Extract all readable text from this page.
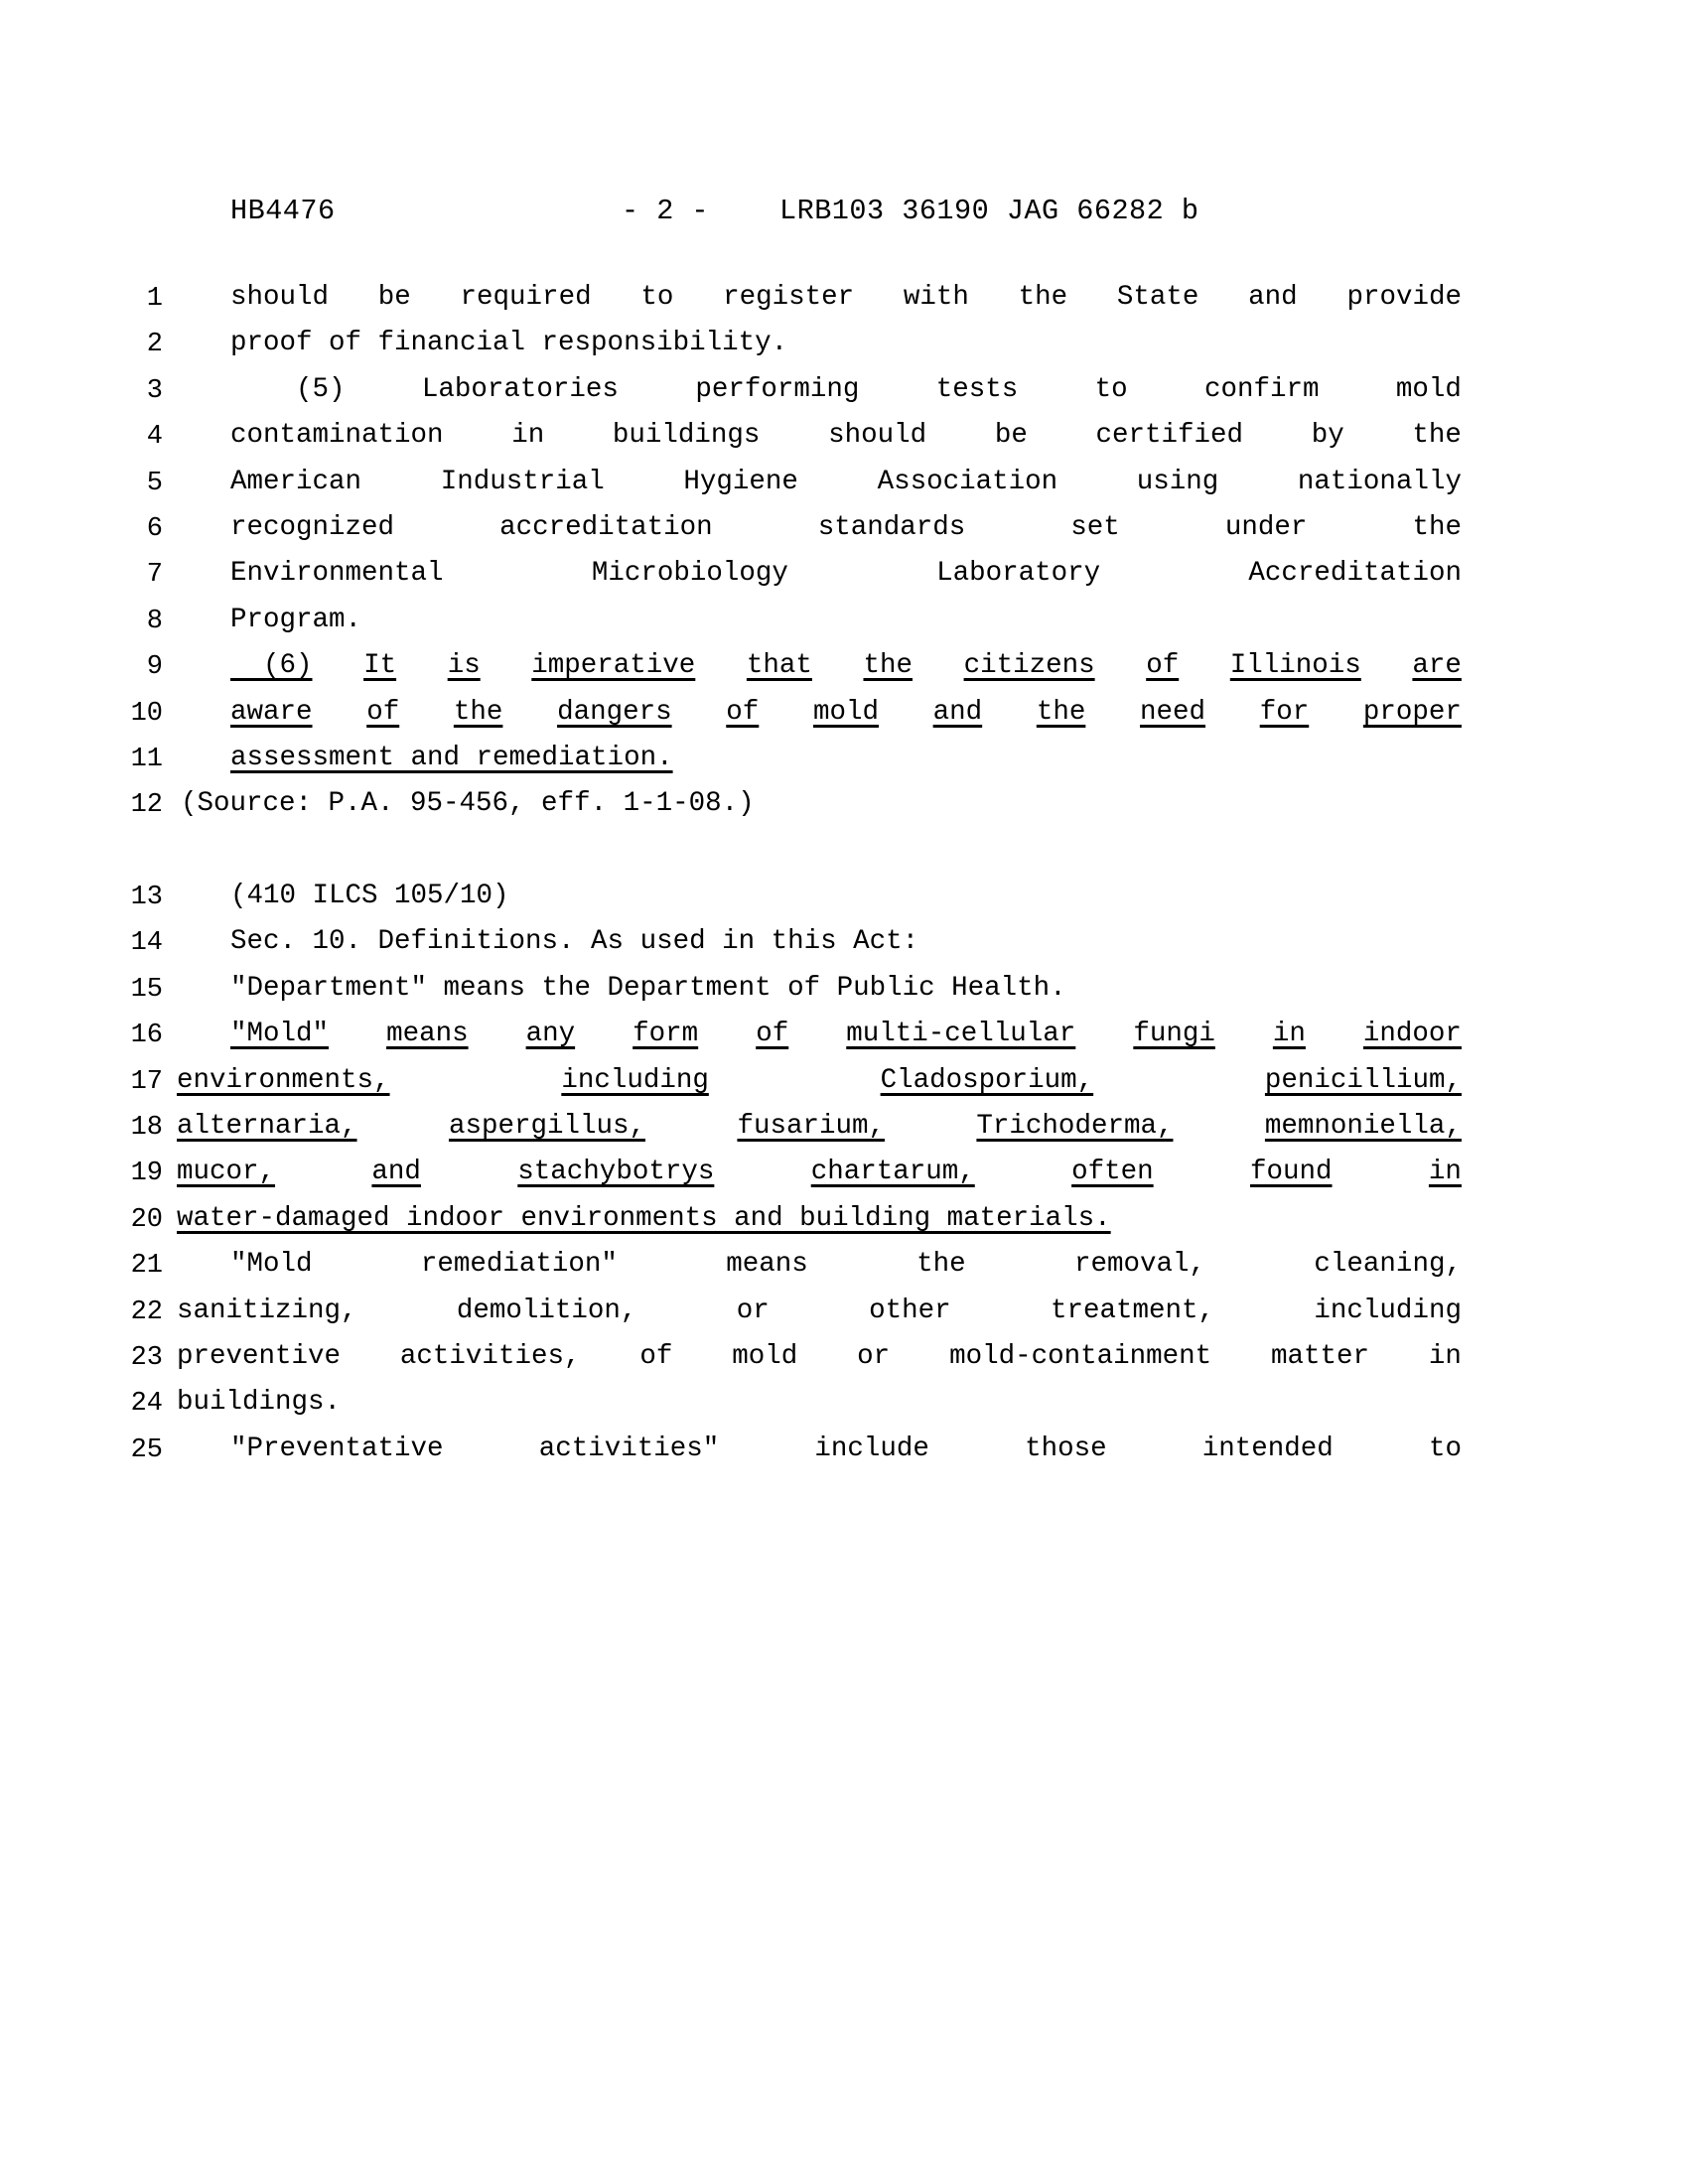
HB4476	- 2 - LRB103 36190 JAG 66282 b
1 should be required to register with the State and provide
2 proof of financial responsibility.
3 (5)	Laboratories	performing	tests	to	confirm	mold
4 contamination in buildings should be certified by the
5 American	Industrial	Hygiene	Association	using	nationally
6 recognized	accreditation	standards	set	under	the
7 Environmental	Microbiology	Laboratory	Accreditation
8 Program.
9 (6) It is imperative that the citizens of Illinois are
10 aware of the dangers of mold and the need for proper
11 assessment and remediation.
12 (Source: P.A. 95-456, eff. 1-1-08.)
13 (410 ILCS 105/10)
14 Sec. 10. Definitions. As used in this Act:
15 "Department" means the Department of Public Health.
16 "Mold" means any form of multi-cellular fungi in indoor
17 environments,	including	Cladosporium,	penicillium,
18 alternaria,	aspergillus,	fusarium,	Trichoderma,	memnoniella,
19 mucor,	and	stachybotrys	chartarum,	often	found	in
20 water-damaged indoor environments and building materials.
21 "Mold	remediation"	means	the	removal,	cleaning,
22 sanitizing,	demolition,	or	other	treatment,	including
23 preventive activities, of mold or mold-containment matter in
24 buildings.
25 "Preventative	activities"	include	those	intended	to
